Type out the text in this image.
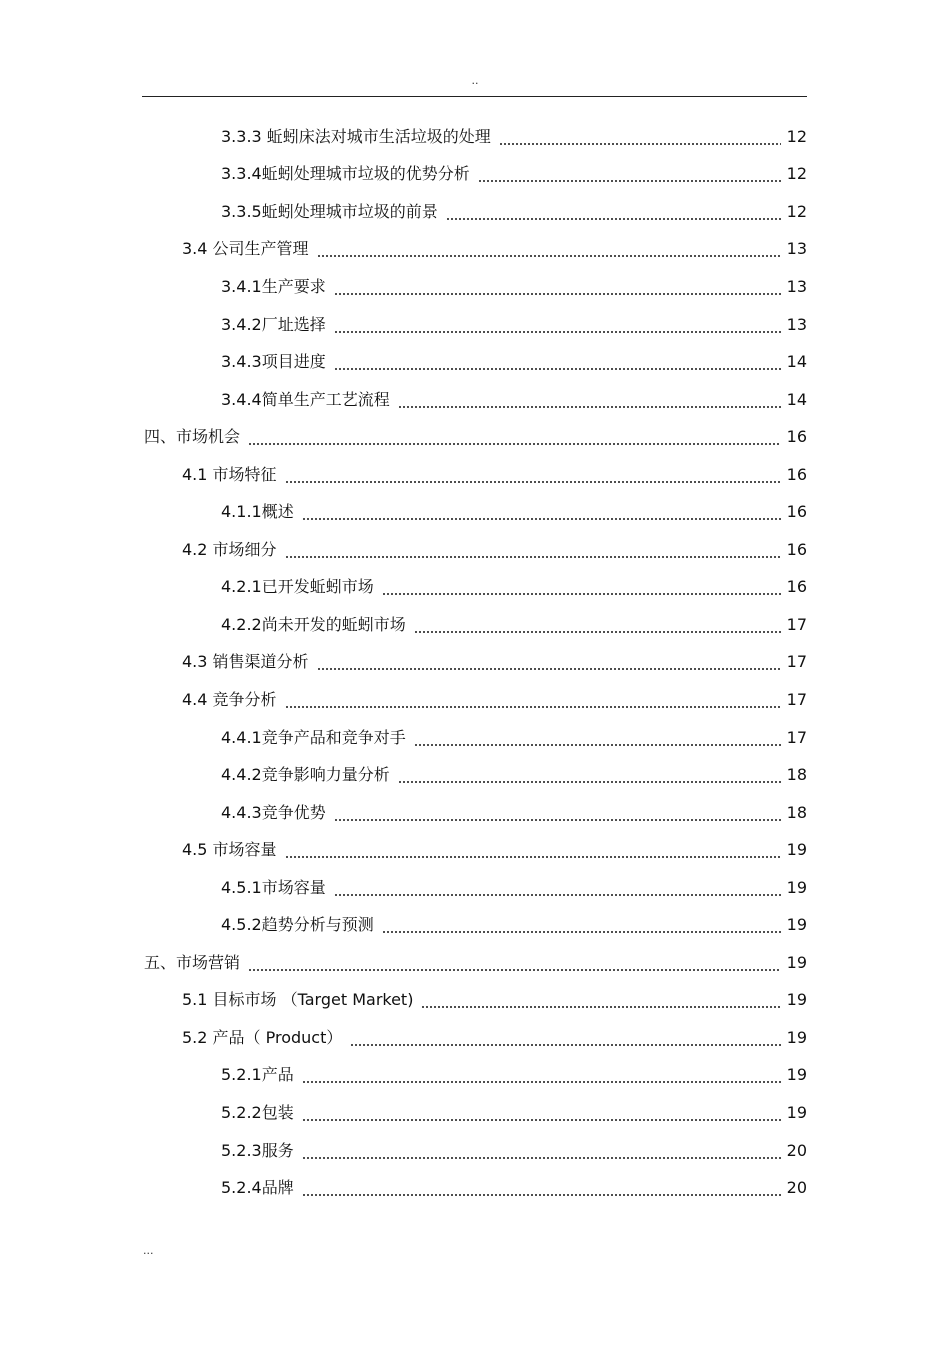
..
3.3.3 蚯蚓床法对城市生活垃圾的处理	12
3.3.4 蚯蚓处理城市垃圾的优势分析	12
3.3.5 蚯蚓处理城市垃圾的前景	12
3.4 公司生产管理	13
3.4.1 生产要求	13
3.4.2 厂址选择	13
3.4.3 项目进度	14
3.4.4 简单生产工艺流程	14
四、 市场机会	16
4.1 市场特征	16
4.1.1 概述	16
4.2 市场细分	16
4.2.1 已开发蚯蚓市场	16
4.2.2 尚未开发的蚯蚓市场	17
4.3 销售渠道分析	17
4.4 竞争分析	17
4.4.1 竞争产品和竞争对手	17
4.4.2 竞争影响力量分析	18
4.4.3 竞争优势	18
4.5 市场容量	19
4.5.1 市场容量	19
4.5.2 趋势分析与预测	19
五、 市场营销	19
5.1 目标市场 （Target Market)	19
5.2 产品（ Product）	19
5.2.1 产品	19
5.2.2 包装	19
5.2.3 服务	20
5.2.4 品牌	20
...
